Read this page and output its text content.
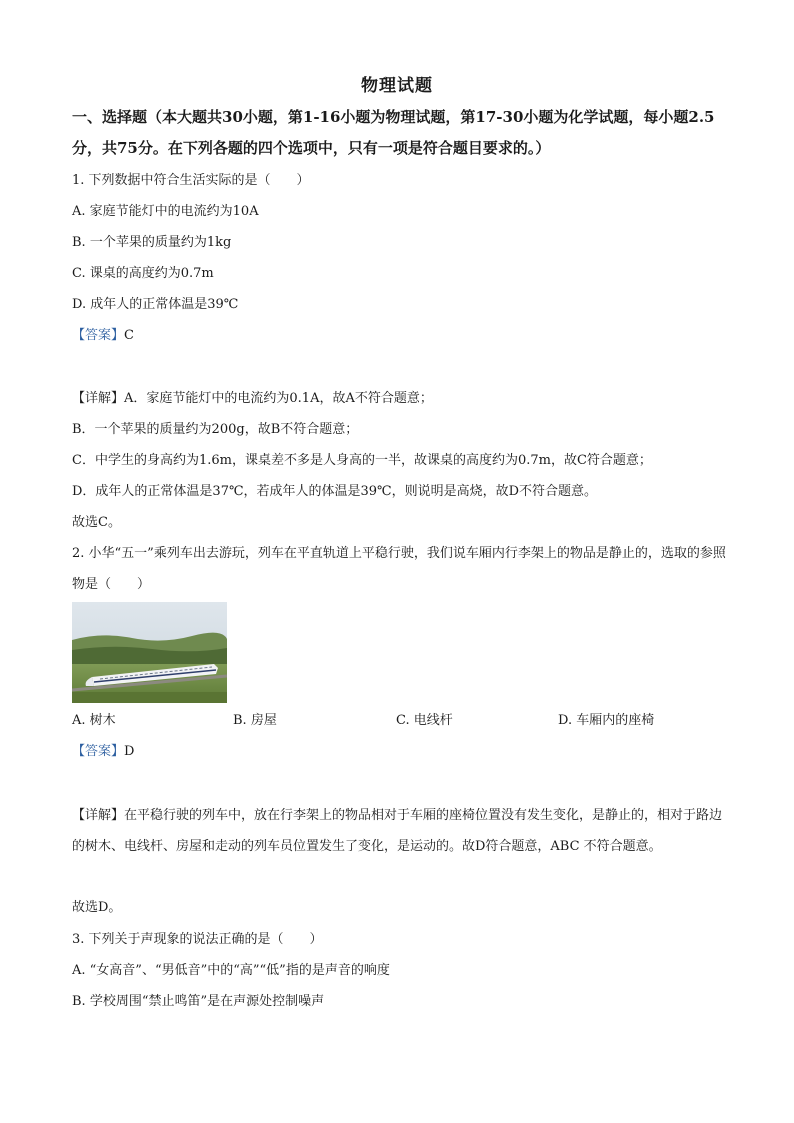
物理试题
一、选择题（本大题共30小题，第1-16小题为物理试题，第17-30小题为化学试题，每小题2.5分，共75分。在下列各题的四个选项中，只有一项是符合题目要求的。）
1. 下列数据中符合生活实际的是（　　）
A. 家庭节能灯中的电流约为10A
B. 一个苹果的质量约为1kg
C. 课桌的高度约为0.7m
D. 成年人的正常体温是39℃
【答案】C
【详解】A．家庭节能灯中的电流约为0.1A，故A不符合题意；
B．一个苹果的质量约为200g，故B不符合题意；
C．中学生的身高约为1.6m，课桌差不多是人身高的一半，故课桌的高度约为0.7m，故C符合题意；
D．成年人的正常体温是37℃，若成年人的体温是39℃，则说明是高烧，故D不符合题意。
故选C。
2. 小华“五一”乘列车出去游玩，列车在平直轨道上平稳行驶，我们说车厢内行李架上的物品是静止的，选取的参照物是（　　）
A. 树木	B. 房屋	C. 电线杆	D. 车厢内的座椅
【答案】D
【详解】在平稳行驶的列车中，放在行李架上的物品相对于车厢的座椅位置没有发生变化，是静止的，相对于路边的树木、电线杆、房屋和走动的列车员位置发生了变化，是运动的。故D符合题意，ABC 不符合题意。
故选D。
3. 下列关于声现象的说法正确的是（　　）
A. “女高音”、“男低音”中的“高”“低”指的是声音的响度
B. 学校周围“禁止鸣笛”是在声源处控制噪声
